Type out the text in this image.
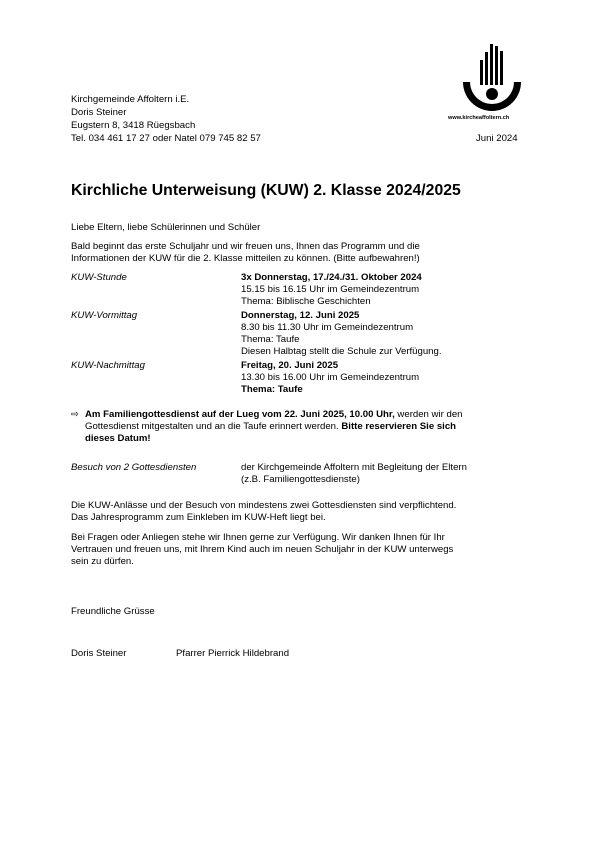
Kirchgemeinde Affoltern i.E.
Doris Steiner
Eugstern 8, 3418 Rüegsbach
Tel. 034 461 17 27 oder Natel 079 745 82 57
www.kircheaffoltern.ch
Juni 2024
Kirchliche Unterweisung (KUW) 2. Klasse 2024/2025
Liebe Eltern, liebe Schülerinnen und Schüler
Bald beginnt das erste Schuljahr und wir freuen uns, Ihnen das Programm und die
Informationen der KUW für die 2. Klasse mitteilen zu können. (Bitte aufbewahren!)
KUW-Stunde	3x Donnerstag, 17./24./31. Oktober 2024
15.15 bis 16.15 Uhr im Gemeindezentrum
Thema: Biblische Geschichten
KUW-Vormittag	Donnerstag, 12. Juni 2025
8.30 bis 11.30 Uhr im Gemeindezentrum
Thema: Taufe
Diesen Halbtag stellt die Schule zur Verfügung.
KUW-Nachmittag	Freitag, 20. Juni 2025
13.30 bis 16.00 Uhr im Gemeindezentrum
Thema: Taufe
⇨ Am Familiengottesdienst auf der Lueg vom 22. Juni 2025, 10.00 Uhr, werden wir den
Gottesdienst mitgestalten und an die Taufe erinnert werden. Bitte reservieren Sie sich
dieses Datum!
Besuch von 2 Gottesdiensten	der Kirchgemeinde Affoltern mit Begleitung der Eltern
(z.B. Familiengottesdienste)
Die KUW-Anlässe und der Besuch von mindestens zwei Gottesdiensten sind verpflichtend.
Das Jahresprogramm zum Einkleben im KUW-Heft liegt bei.
Bei Fragen oder Anliegen stehe wir Ihnen gerne zur Verfügung. Wir danken Ihnen für Ihr
Vertrauen und freuen uns, mit Ihrem Kind auch im neuen Schuljahr in der KUW unterwegs
sein zu dürfen.
Freundliche Grüsse
Doris Steiner	Pfarrer Pierrick Hildebrand
